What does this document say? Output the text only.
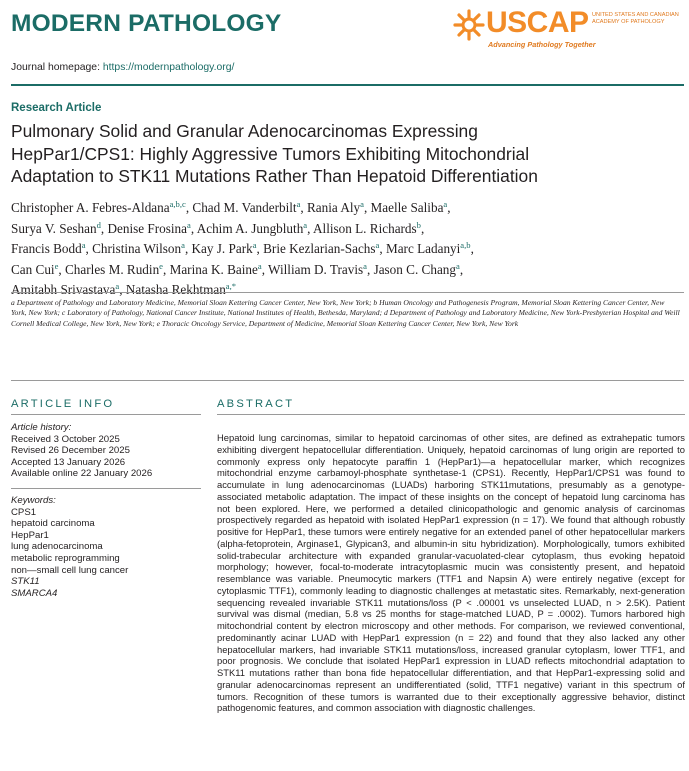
MODERN PATHOLOGY	USCAP UNITED STATES AND CANADIAN ACADEMY OF PATHOLOGY
Advancing Pathology Together
Journal homepage: https://modernpathology.org/
Research Article
Pulmonary Solid and Granular Adenocarcinomas Expressing
HepPar1/CPS1: Highly Aggressive Tumors Exhibiting Mitochondrial
Adaptation to STK11 Mutations Rather Than Hepatoid Differentiation
Christopher A. Febres-Aldana$^{a,b,c}$, Chad M. Vanderbilt$^a$, Rania Aly$^a$, Maelle Saliba$^a$,
Surya V. Seshan$^d$, Denise Frosina$^a$, Achim A. Jungbluth$^a$, Allison L. Richards$^b$,
Francis Bodd$^a$, Christina Wilson$^a$, Kay J. Park$^a$, Brie Kezlarian-Sachs$^a$, Marc Ladanyi$^{a,b}$,
Can Cui$^e$, Charles M. Rudin$^e$, Marina K. Baine$^a$, William D. Travis$^a$, Jason C. Chang$^a$,
Amitabh Srivastava$^a$, Natasha Rekhtman$^{a,*}$
a Department of Pathology and Laboratory Medicine, Memorial Sloan Kettering Cancer Center, New York, New York; b Human Oncology and Pathogenesis Program, Memorial Sloan Kettering Cancer Center, New York, New York; c Laboratory of Pathology, National Cancer Institute, National Institutes of Health, Bethesda, Maryland; d Department of Pathology and Laboratory Medicine, New York-Presbyterian Hospital and Weill Cornell Medical College, New York, New York; e Thoracic Oncology Service, Department of Medicine, Memorial Sloan Kettering Cancer Center, New York, New York
ARTICLE INFO
Article history:
Received 3 October 2025
Revised 26 December 2025
Accepted 13 January 2026
Available online 22 January 2026
Keywords:
CPS1
hepatoid carcinoma
HepPar1
lung adenocarcinoma
metabolic reprogramming
non—small cell lung cancer
STK11
SMARCA4
ABSTRACT
Hepatoid lung carcinomas, similar to hepatoid carcinomas of other sites, are defined as extrahepatic tumors exhibiting divergent hepatocellular differentiation. Uniquely, hepatoid carcinomas of lung origin are reported to commonly express only hepatocyte paraffin 1 (HepPar1)—a hepatocellular marker, which recognizes mitochondrial enzyme carbamoyl-phosphate synthetase-1 (CPS1). Recently, HepPar1/CPS1 was found to accumulate in lung adenocarcinomas (LUADs) harboring STK11mutations, presumably as a genotype-associated metabolic adaptation. The impact of these insights on the concept of hepatoid lung carcinoma has not been explored. Here, we performed a detailed clinicopathologic and genomic analysis of carcinomas prospectively regarded as hepatoid with isolated HepPar1 expression (n = 17). We found that although robustly positive for HepPar1, these tumors were entirely negative for an extended panel of other hepatocellular markers (alpha-fetoprotein, Arginase1, Glypican3, and albumin-in situ hybridization). Morphologically, tumors exhibited solid-trabecular architecture with expanded granular-vacuolated-clear cytoplasm, thus evoking hepatoid morphology; however, focal-to-moderate intracytoplasmic mucin was consistently present, and hepatoid resemblance was variable. Pneumocytic markers (TTF1 and Napsin A) were entirely negative (except for cytoplasmic TTF1), commonly leading to diagnostic challenges at metastatic sites. Remarkably, next-generation sequencing revealed invariable STK11 mutations/loss (P < .00001 vs unselected LUAD, n > 2.5K). Patient survival was dismal (median, 5.8 vs 25 months for stage-matched LUAD, P = .0002). Tumors harbored high mitochondrial content by electron microscopy and other methods. For comparison, we reviewed conventional, predominantly acinar LUAD with HepPar1 expression (n = 22) and found that they also lacked any other hepatocellular markers, had invariable STK11 mutations/loss, increased granular cytoplasm, lower TTF1, and poor prognosis. We conclude that isolated HepPar1 expression in LUAD reflects mitochondrial adaptation to STK11 mutations rather than bona fide hepatocellular differentiation, and that HepPar1-expressing solid and granular adenocarcinomas represent an undifferentiated (solid, TTF1 negative) variant in this spectrum of tumors. Recognition of these tumors is warranted due to their exceptionally aggressive behavior, distinct pathogenomic features, and common association with diagnostic challenges.
